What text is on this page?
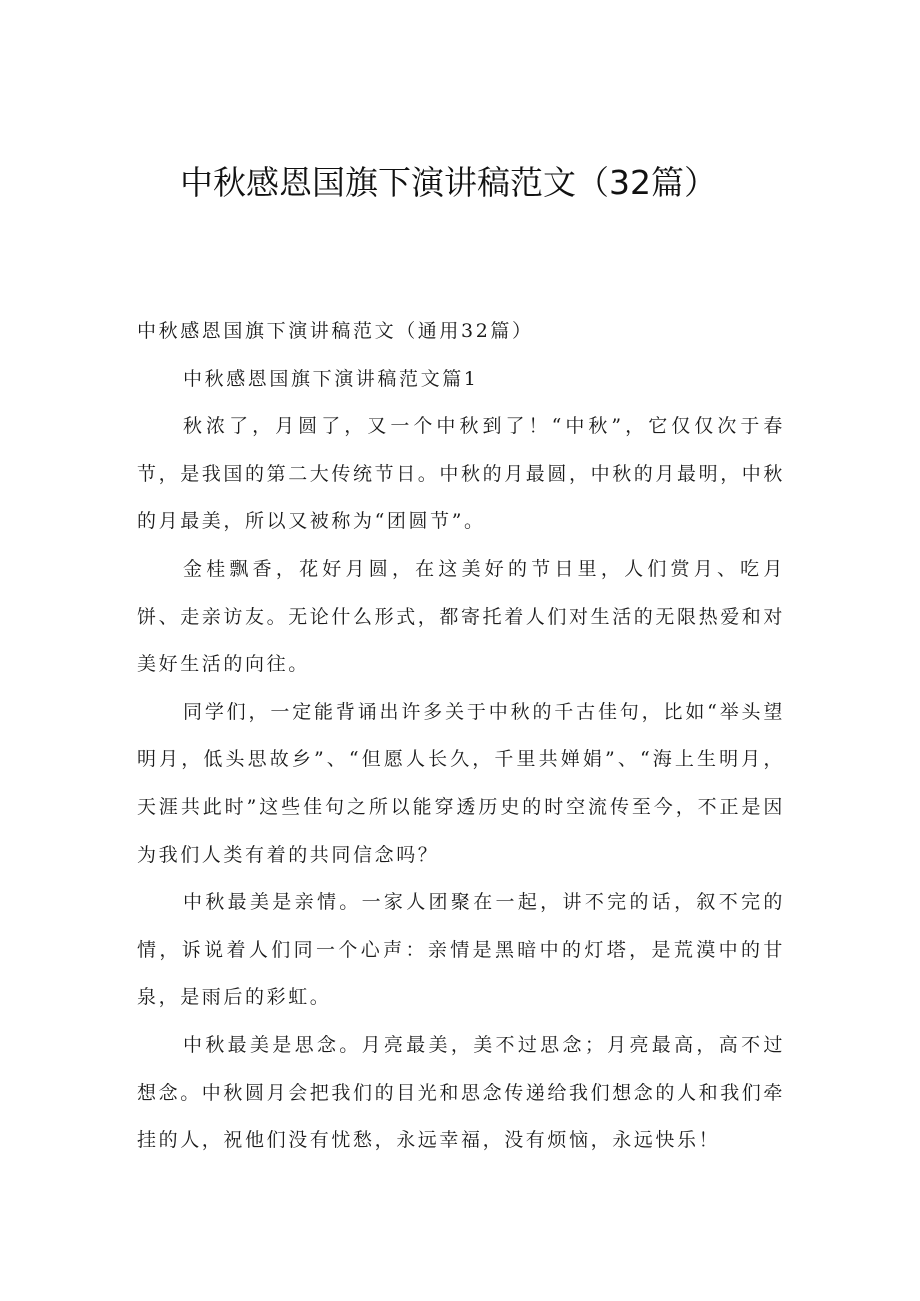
中秋感恩国旗下演讲稿范文（32篇）

中秋感恩国旗下演讲稿范文（通用32篇）

中秋感恩国旗下演讲稿范文篇1

秋浓了，月圆了，又一个中秋到了！“中秋”，它仅仅次于春节，是我国的第二大传统节日。中秋的月最圆，中秋的月最明，中秋的月最美，所以又被称为“团圆节”。

金桂飘香，花好月圆，在这美好的节日里，人们赏月、吃月饼、走亲访友。无论什么形式，都寄托着人们对生活的无限热爱和对美好生活的向往。

同学们，一定能背诵出许多关于中秋的千古佳句，比如“举头望明月，低头思故乡”、“但愿人长久，千里共婵娟”、“海上生明月，天涯共此时”这些佳句之所以能穿透历史的时空流传至今，不正是因为我们人类有着的共同信念吗？

中秋最美是亲情。一家人团聚在一起，讲不完的话，叙不完的情，诉说着人们同一个心声：亲情是黑暗中的灯塔，是荒漠中的甘泉，是雨后的彩虹。

中秋最美是思念。月亮最美，美不过思念；月亮最高，高不过想念。中秋圆月会把我们的目光和思念传递给我们想念的人和我们牵挂的人，祝他们没有忧愁，永远幸福，没有烦恼，永远快乐！
